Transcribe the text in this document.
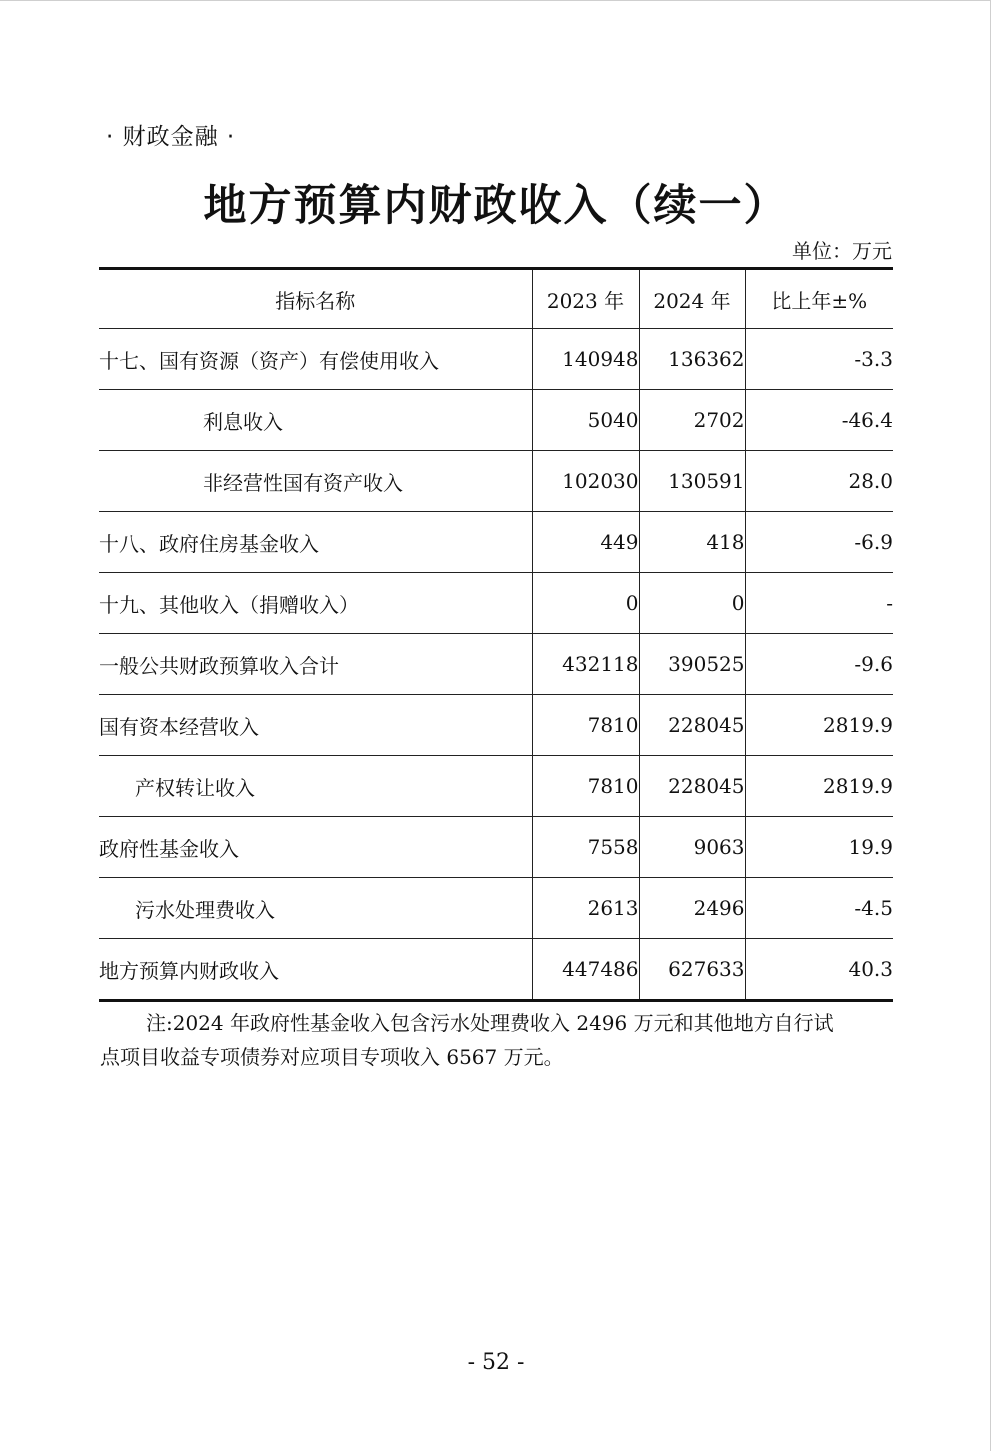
· 财政金融 ·
地方预算内财政收入（续一）
单位：万元
指标名称	2023 年	2024 年	比上年±%
十七、国有资源（资产）有偿使用收入	140948	136362	-3.3
利息收入	5040	2702	-46.4
非经营性国有资产收入	102030	130591	28.0
十八、政府住房基金收入	449	418	-6.9
十九、其他收入（捐赠收入）	0	0	-
一般公共财政预算收入合计	432118	390525	-9.6
国有资本经营收入	7810	228045	2819.9
产权转让收入	7810	228045	2819.9
政府性基金收入	7558	9063	19.9
污水处理费收入	2613	2496	-4.5
地方预算内财政收入	447486	627633	40.3

注:2024 年政府性基金收入包含污水处理费收入 2496 万元和其他地方自行试

点项目收益专项债券对应项目专项收入 6567 万元。

- 52 -
